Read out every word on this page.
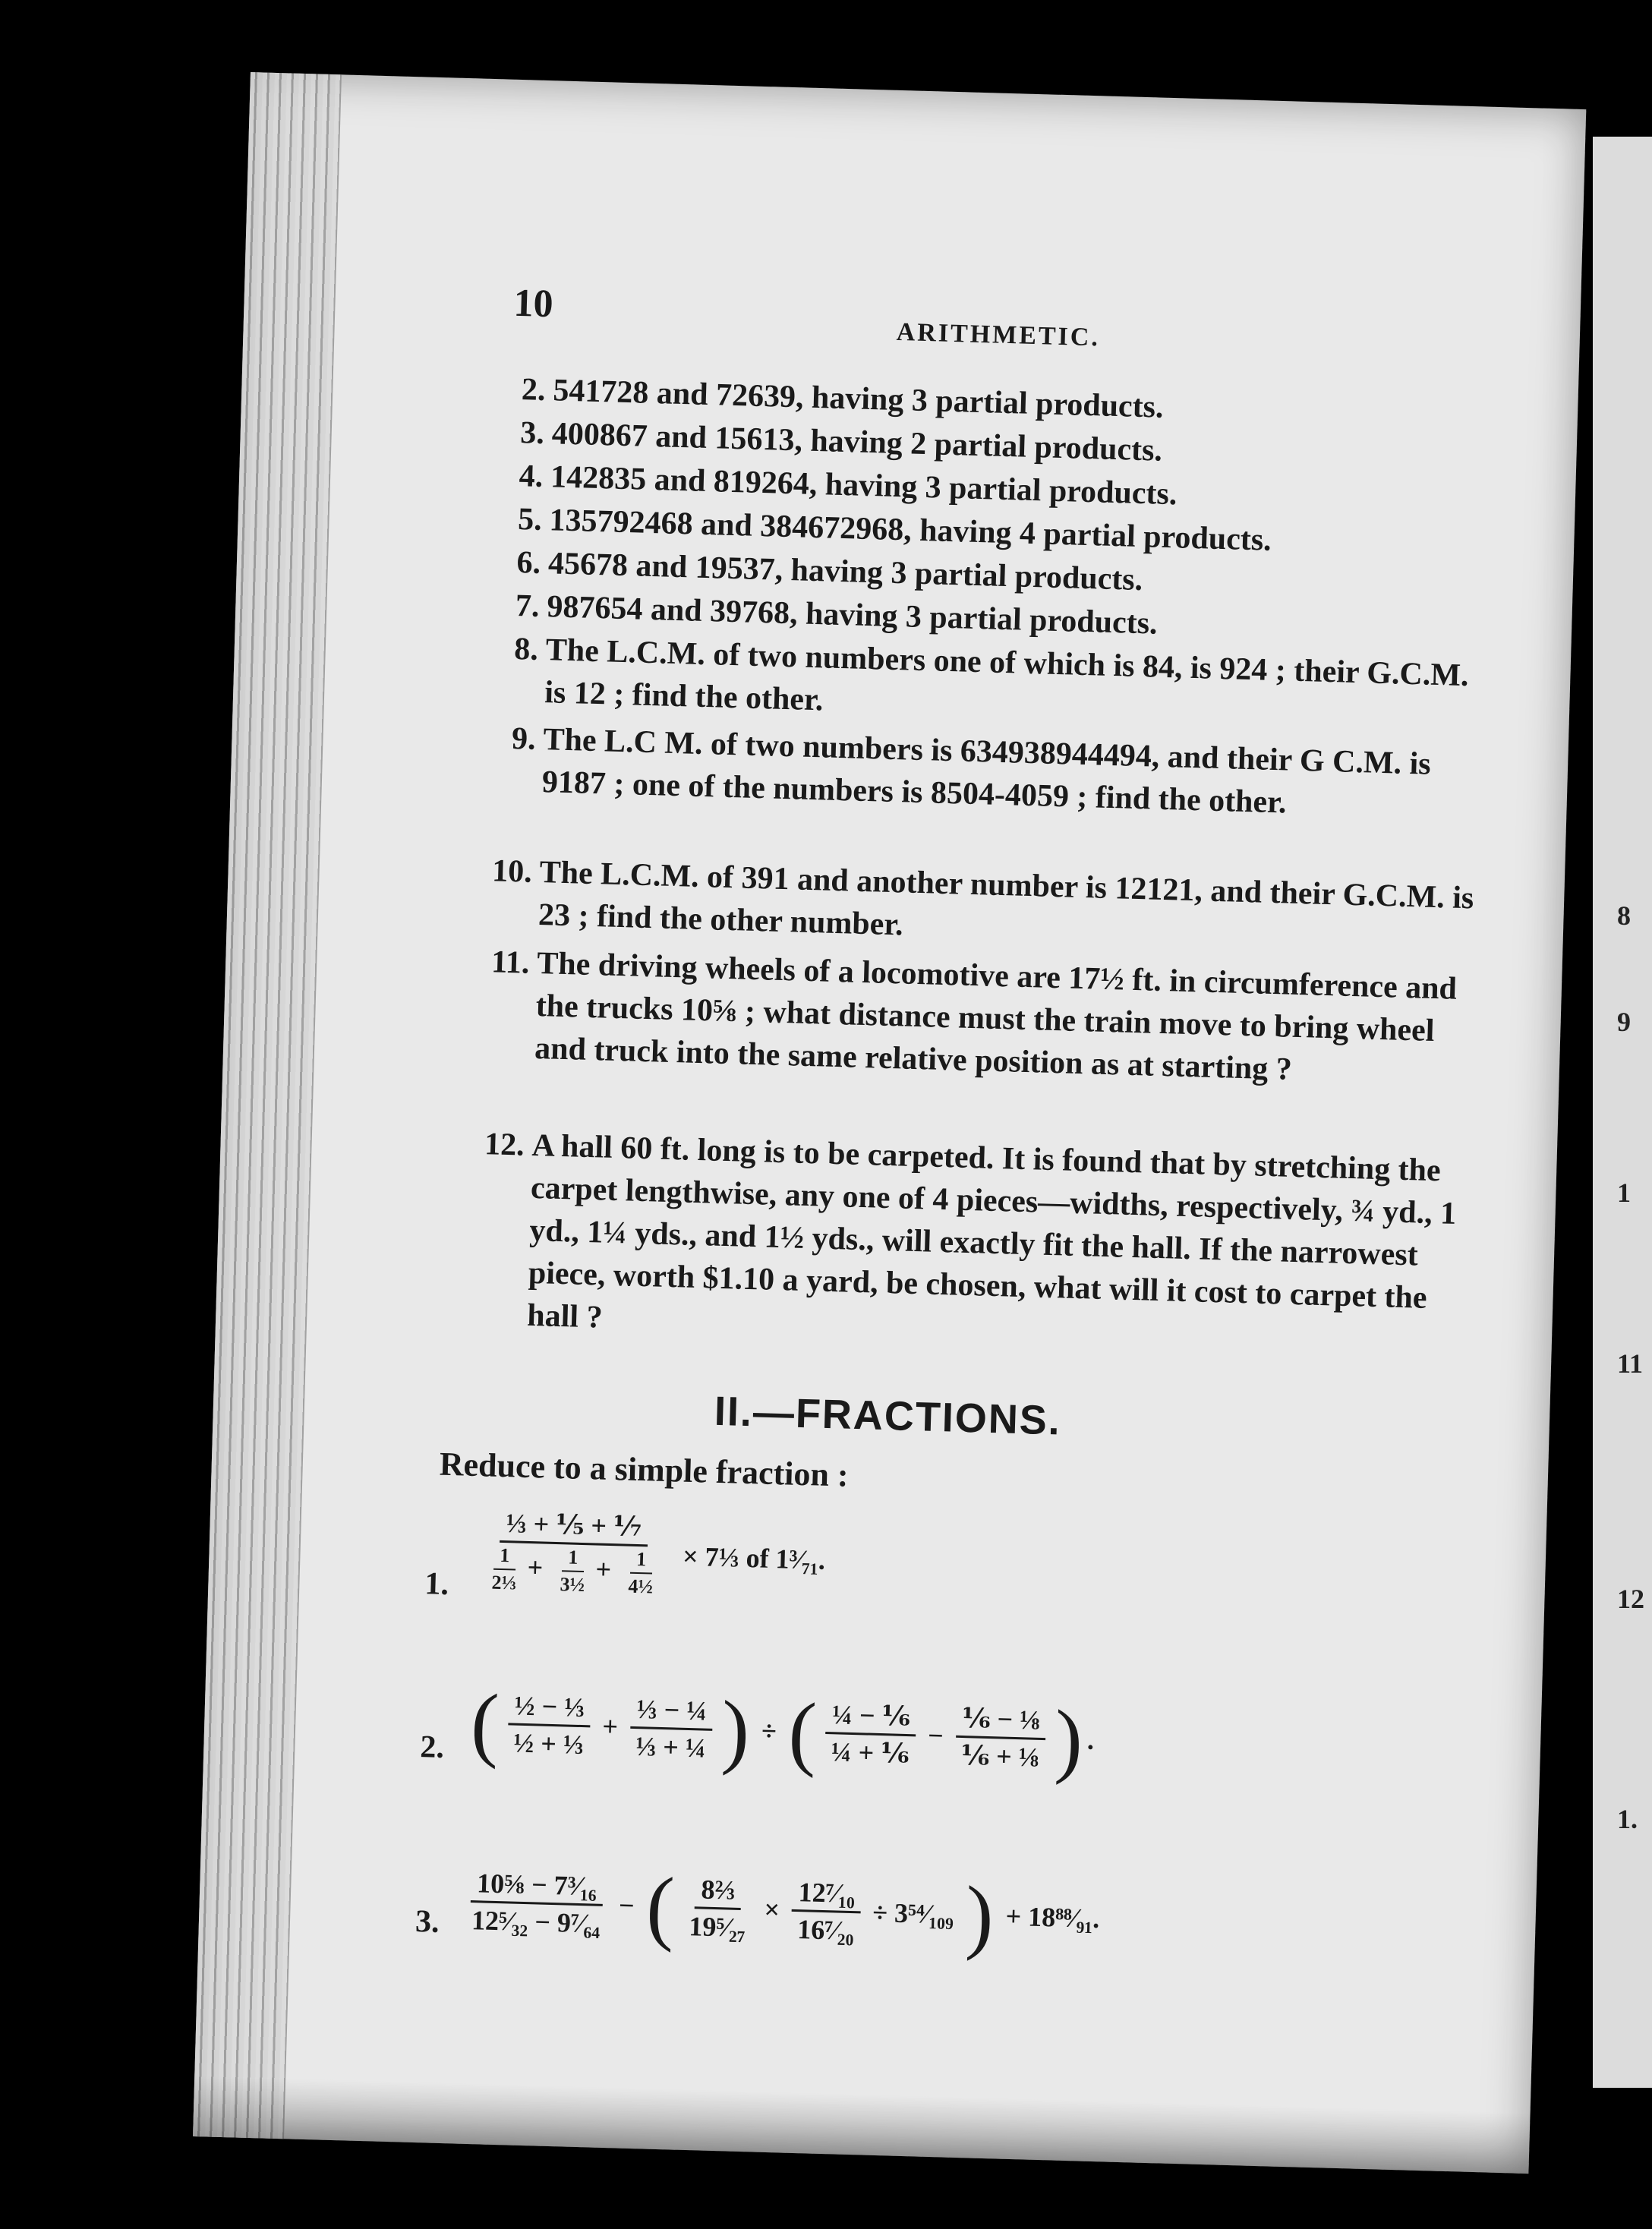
8
9
1
11
12
1.
10
ARITHMETIC.
2. 541728 and 72639, having 3 partial products.
3. 400867 and 15613, having 2 partial products.
4. 142835 and 819264, having 3 partial products.
5. 135792468 and 384672968, having 4 partial products.
6. 45678 and 19537, having 3 partial products.
7. 987654 and 39768, having 3 partial products.
8. The L.C.M. of two numbers one of which is 84, is 924 ; their G.C.M. is 12 ; find the other.
9. The L.C M. of two numbers is 634938944494, and their G C.M. is 9187 ; one of the numbers is 8504-4059 ; find the other.
10. The L.C.M. of 391 and another number is 12121, and their G.C.M. is 23 ; find the other number.
11. The driving wheels of a locomotive are 17½ ft. in circumference and the trucks 10⅝ ; what distance must the train move to bring wheel and truck into the same relative position as at starting ?
12. A hall 60 ft. long is to be carpeted. It is found that by stretching the carpet lengthwise, any one of 4 pieces—widths, respectively, ¾ yd., 1 yd., 1¼ yds., and 1½ yds., will exactly fit the hall. If the narrowest piece, worth $1.10 a yard, be chosen, what will it cost to carpet the hall ?
II.—FRACTIONS.
Reduce to a simple fraction :
1. $\frac{\text{⅓ + ⅕ + ⅐}}{\frac{1}{\text{2⅓}} + \frac{1}{\text{3½}} + \frac{1}{\text{4½}}}$ × 7⅓ of 1³⁄₇₁.
2. ( $\frac{\text{½ − ⅓}}{\text{½ + ⅓}} + \frac{\text{⅓ − ¼}}{\text{⅓ + ¼}}$ ) ÷ ( $\frac{\text{¼ − ⅙}}{\text{¼ + ⅙}} - \frac{\text{⅙ − ⅛}}{\text{⅙ + ⅛}}$ ) .
3. $\frac{\text{10⅝ − 7³⁄₁₆}}{\text{12⁵⁄₃₂ − 9⁷⁄₆₄}}$ − ( $\frac{\text{8⅔}}{\text{19⁵⁄₂₇}} \times \frac{\text{12⁷⁄₁₀}}{\text{16⁷⁄₂₀}}$ ÷ 3⁵⁴⁄₁₀₉ ) + 18⁸⁸⁄₉₁.
